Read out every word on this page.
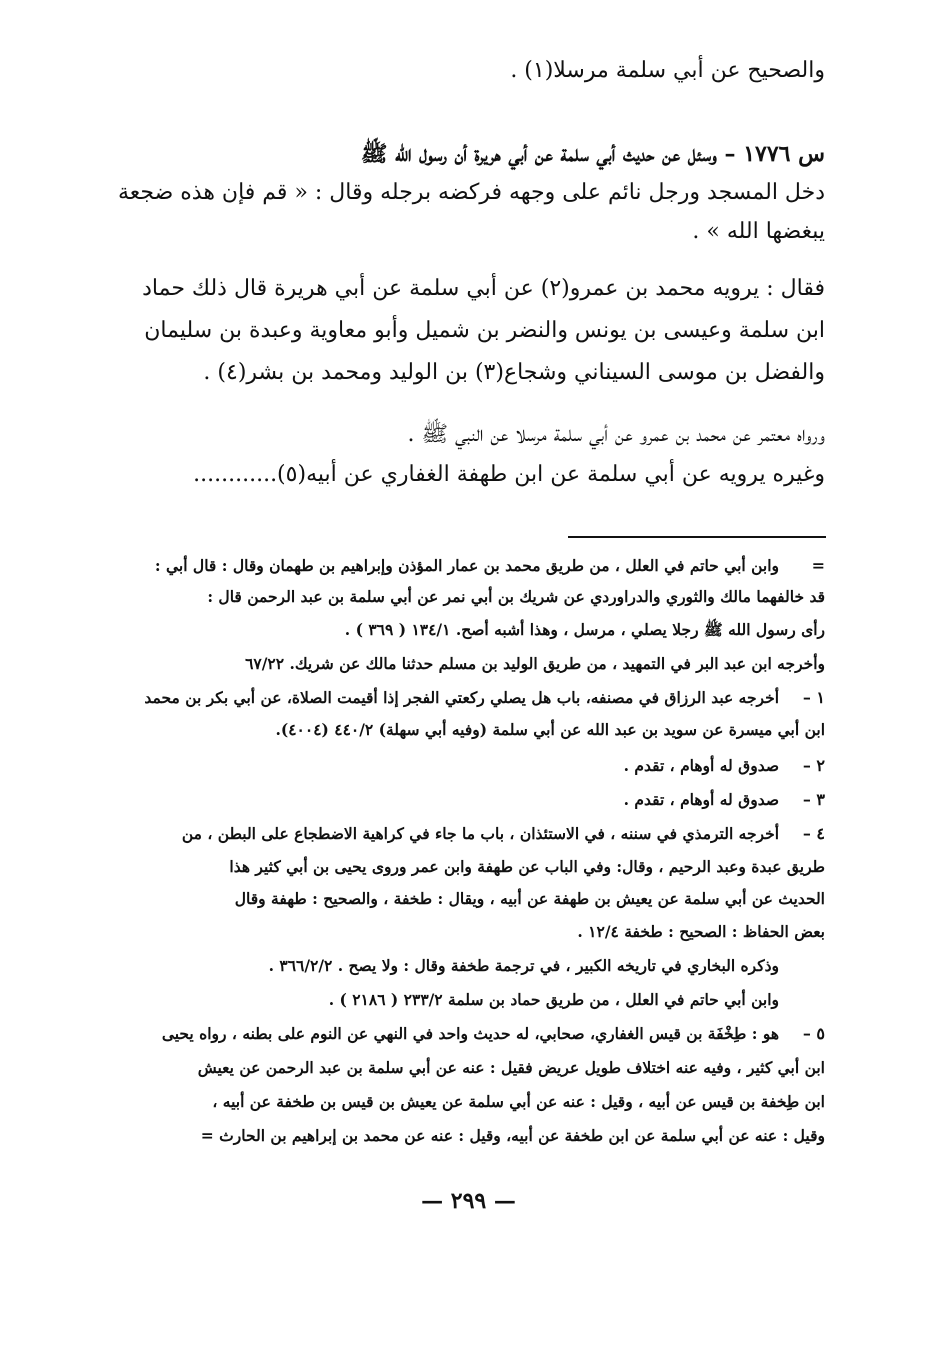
والصحيح عن أبي سلمة مرسلا(١) .
س ١٧٧٦ – وسئل عن حديث أبي سلمة عن أبي هريرة أن رسول الله ﷺ
دخل المسجد ورجل نائم على وجهه فركضه برجله وقال : « قم فإن هذه ضجعة
يبغضها الله » .
فقال : يرويه محمد بن عمرو(٢) عن أبي سلمة عن أبي هريرة قال ذلك حماد
ابن سلمة وعيسى بن يونس والنضر بن شميل وأبو معاوية وعبدة بن سليمان
والفضل بن موسى السيناني وشجاع(٣) بن الوليد ومحمد بن بشر(٤) .
ورواه معتمر عن محمد بن عمرو عن أبي سلمة مرسلا عن النبي ﷺ .
وغيره يرويه عن أبي سلمة عن ابن طهفة الغفاري عن أبيه(٥)............
=
١ –
٢ –
٣ –
٤ –
٥ –
وابن أبي حاتم في العلل ، من طريق محمد بن عمار المؤذن وإبراهيم بن طهمان وقال : قال أبي :
قد خالفهما مالك والثوري والدراوردي عن شريك بن أبي نمر عن أبي سلمة بن عبد الرحمن قال :
رأى رسول الله ﷺ رجلا يصلي ، مرسل ، وهذا أشبه أصح. ١٣٤/١ ( ٣٦٩ ) .
وأخرجه ابن عبد البر في التمهيد ، من طريق الوليد بن مسلم حدثنا مالك عن شريك. ٦٧/٢٢
أخرجه عبد الرزاق في مصنفه، باب هل يصلي ركعتي الفجر إذا أقيمت الصلاة، عن أبي بكر بن محمد
ابن أبي ميسرة عن سويد بن عبد الله عن أبي سلمة (وفيه أبي سهلة) ٤٤٠/٢ (٤٠٠٤).
صدوق له أوهام ، تقدم .
صدوق له أوهام ، تقدم .
أخرجه الترمذي في سننه ، في الاستئذان ، باب ما جاء في كراهية الاضطجاع على البطن ، من
طريق عبدة وعبد الرحيم ، وقال: وفي الباب عن طهفة وابن عمر وروى يحيى بن أبي كثير هذا
الحديث عن أبي سلمة عن يعيش بن طهفة عن أبيه ، ويقال : طخفة ، والصحيح : طهفة وقال
بعض الحفاظ : الصحيح : طخفة ١٢/٤ .
وذكره البخاري في تاريخه الكبير ، في ترجمة طخفة وقال : ولا يصح . ٣٦٦/٢/٢ .
وابن أبي حاتم في العلل ، من طريق حماد بن سلمة ٢٣٣/٢ ( ٢١٨٦ ) .
هو : طِخْفَة بن قيس الغفاري، صحابي، له حديث واحد في النهي عن النوم على بطنه ، رواه يحيى
ابن أبي كثير ، وفيه عنه اختلاف طويل عريض فقيل : عنه عن أبي سلمة بن عبد الرحمن عن يعيش
ابن طِخفة بن قيس عن أبيه ، وقيل : عنه عن أبي سلمة عن يعيش بن قيس بن طخفة عن أبيه ،
وقيل : عنه عن أبي سلمة عن ابن طخفة عن أبيه، وقيل : عنه عن محمد بن إبراهيم بن الحارث =
— ٢٩٩ —
